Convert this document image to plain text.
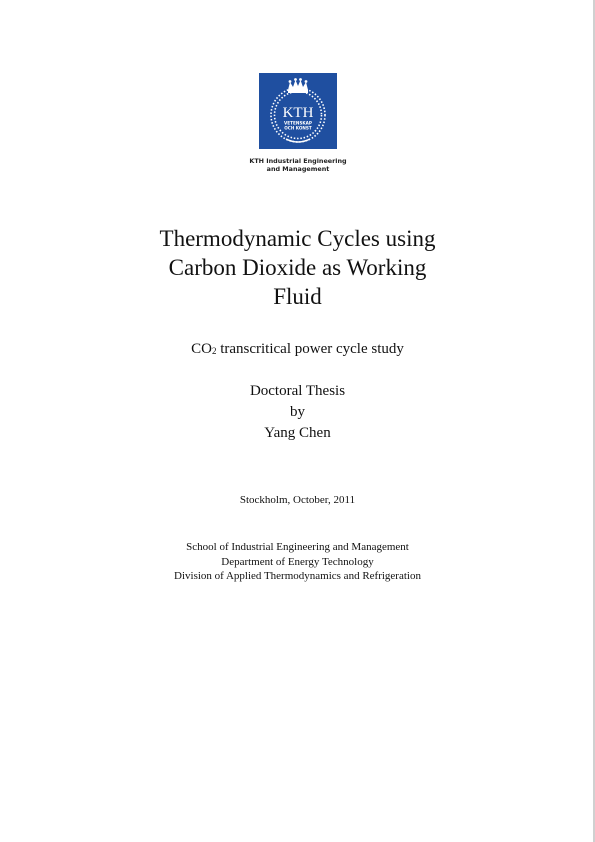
KTH
VETENSKAP
OCH KONST
KTH Industrial Engineering
and Management
Thermodynamic Cycles using
Carbon Dioxide as Working
Fluid
$CO_2$ transcritical power cycle study
Doctoral Thesis
by
Yang Chen
Stockholm, October, 2011
School of Industrial Engineering and Management
Department of Energy Technology
Division of Applied Thermodynamics and Refrigeration
